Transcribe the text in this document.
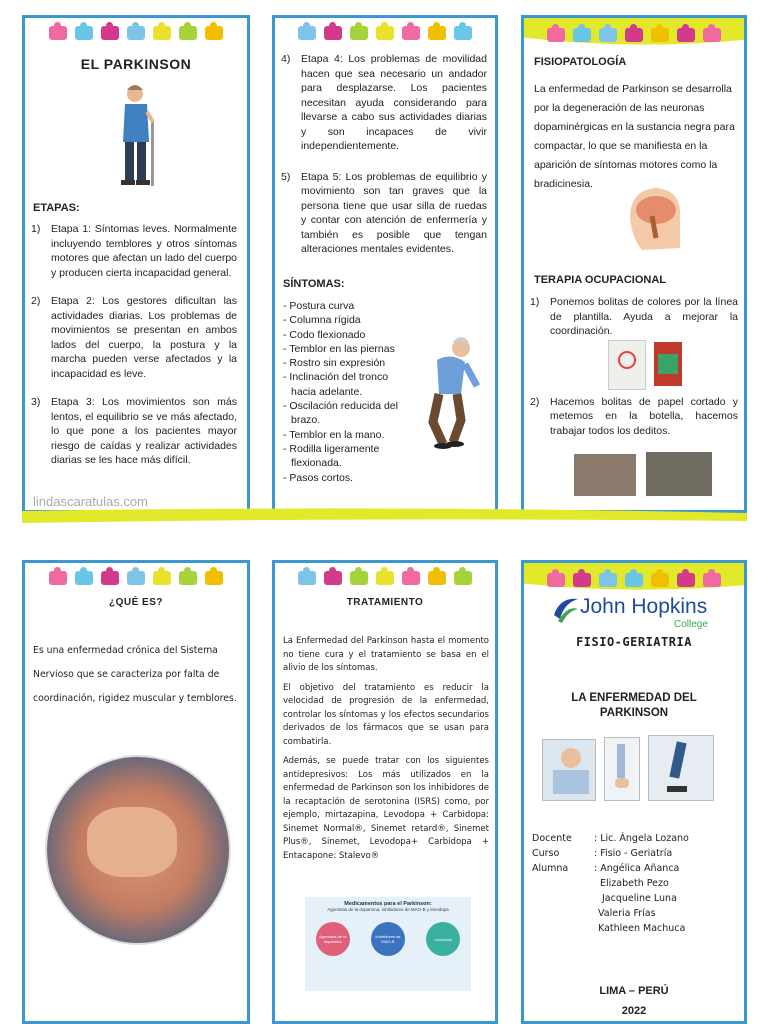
EL PARKINSON
ETAPAS:
1) Etapa 1: Síntomas leves. Normalmente incluyendo temblores y otros síntomas motores que afectan un lado del cuerpo y producen cierta incapacidad general.
2) Etapa 2: Los gestores dificultan las actividades diarias. Los problemas de movimientos se presentan en ambos lados del cuerpo, la postura y la marcha pueden verse afectados y la incapacidad es leve.
3) Etapa 3: Los movimientos son más lentos, el equilibrio se ve más afectado, lo que pone a los pacientes mayor riesgo de caídas y realizar actividades diarias se les hace más difícil.
lindascaratulas.com
4) Etapa 4: Los problemas de movilidad hacen que sea necesario un andador para desplazarse. Los pacientes necesitan ayuda considerando para llevarse a cabo sus actividades diarias y son incapaces de vivir independientemente.
5) Etapa 5: Los problemas de equilibrio y movimiento son tan graves que la persona tiene que usar silla de ruedas y contar con atención de enfermería y también es posible que tengan alteraciones mentales evidentes.
SÍNTOMAS:
- Postura curva
- Columna rígida
- Codo flexionado
- Temblor en las piernas
- Rostro sin expresión
- Inclinación del tronco hacia adelante.
- Oscilación reducida del brazo.
- Temblor en la mano.
- Rodilla ligeramente flexionada.
- Pasos cortos.
FISIOPATOLOGÍA
La enfermedad de Parkinson se desarrolla por la degeneración de las neuronas dopaminérgicas en la sustancia negra para compactar, lo que se manifiesta en la aparición de síntomas motores como la bradicinesia.
TERAPIA OCUPACIONAL
1) Ponemos bolitas de colores por la línea de plantilla. Ayuda a mejorar la coordinación.
2) Hacemos bolitas de papel cortado y metemos en la botella, hacemos trabajar todos los deditos.
¿QUÉ ES?
Es una enfermedad crónica del Sistema Nervioso que se caracteriza por falta de coordinación, rigidez muscular y temblores.
TRATAMIENTO

La Enfermedad del Parkinson hasta el momento no tiene cura y el tratamiento se basa en el alivio de los síntomas.

El objetivo del tratamiento es reducir la velocidad de progresión de la enfermedad, controlar los síntomas y los efectos secundarios derivados de los fármacos que se usan para combatirla.

Además, se puede tratar con los siguientes antidepresivos: Los más utilizados en la enfermedad de Parkinson son los inhibidores de la recaptación de serotonina (ISRS) como, por ejemplo, mirtazapina, Levodopa + Carbidopa: Sinemet Normal®, Sinemet retard®, Sinemet Plus®, Sinemet, Levodopa+ Carbidopa + Entacapone: Stalevo®

Medicamentos para el Parkinson:
Agonistas de la dopamina, inhibidores de MAO-B y levodopa
Agonistas de la dopamina
Inhibidores de MAO-B	Levodopa
John Hopkins
College
FISIO-GERIATRIA
LA ENFERMEDAD DEL PARKINSON
Docente	: Lic. Ángela Lozano
Curso	: Fisio - Geriatría
Alumna	: Angélica Añanca
	Elizabeth Pezo
	Jacqueline Luna
	Valeria Frías
	Kathleen Machuca
LIMA – PERÚ
2022
